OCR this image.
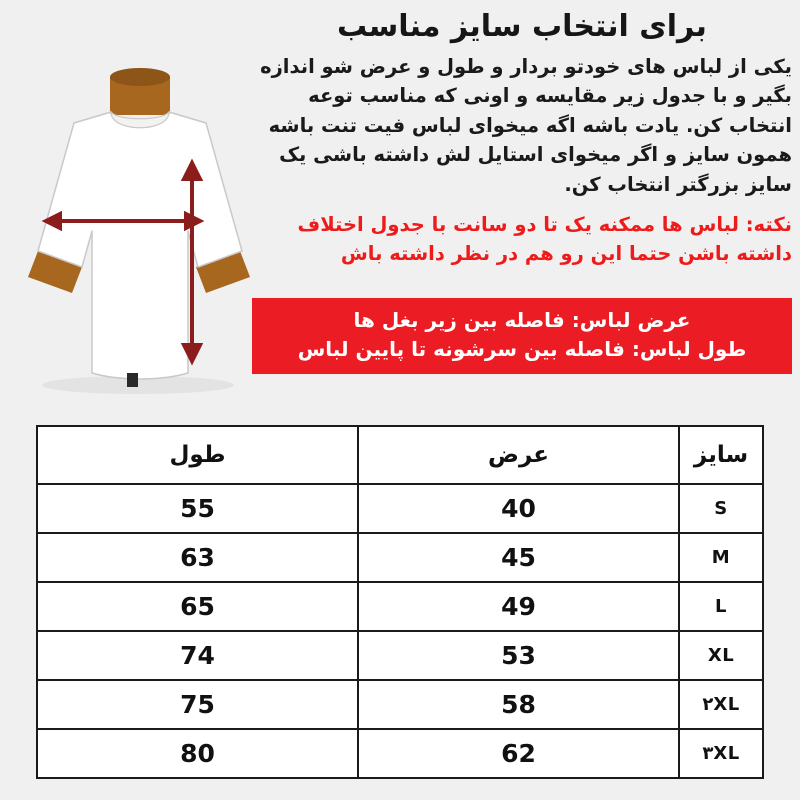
برای انتخاب سایز مناسب

یکی از لباس های خودتو بردار و طول و عرض شو اندازه بگیر و با جدول زیر مقایسه و اونی که مناسب توعه انتخاب کن. یادت باشه اگه میخوای لباس فیت تنت باشه همون سایز و اگر میخوای استایل لش داشته باشی یک سایز بزرگتر انتخاب کن.

نکته: لباس ها ممکنه یک تا دو سانت با جدول اختلاف داشته باشن حتما این رو هم در نظر داشته باش

عرض لباس: فاصله بین زیر بغل ها
طول لباس: فاصله بین سرشونه تا پایین لباس
سایز	عرض	طول
S	40	55
M	45	63
L	49	65
XL	53	74
۲XL	58	75
۳XL	62	80
